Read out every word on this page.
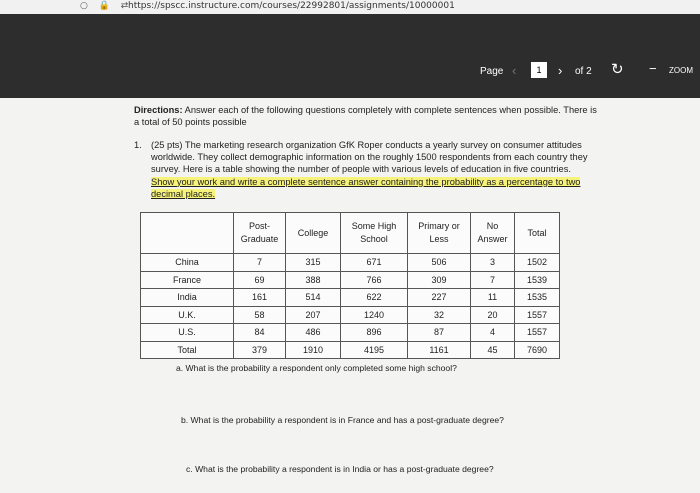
○ 🔒 ⇄
https://spscc.instructure.com/courses/22992801/assignments/10000001
Page ‹	1	› of 2 ↻ − ZOOM
Directions: Answer each of the following questions completely with complete sentences when possible. There is a total of 50 points possible
1. (25 pts) The marketing research organization GfK Roper conducts a yearly survey on consumer attitudes worldwide. They collect demographic information on the roughly 1500 respondents from each country they survey. Here is a table showing the number of people with various levels of education in five countries. Show your work and write a complete sentence answer containing the probability as a percentage to two decimal places.
	Post-Graduate	College	Some High School	Primary or Less	No Answer	Total
China	7	315	671	506	3	1502
France	69	388	766	309	7	1539
India	161	514	622	227	11	1535
U.K.	58	207	1240	32	20	1557
U.S.	84	486	896	87	4	1557
Total	379	1910	4195	1161	45	7690
a. What is the probability a respondent only completed some high school?
b. What is the probability a respondent is in France and has a post-graduate degree?
c. What is the probability a respondent is in India or has a post-graduate degree?
